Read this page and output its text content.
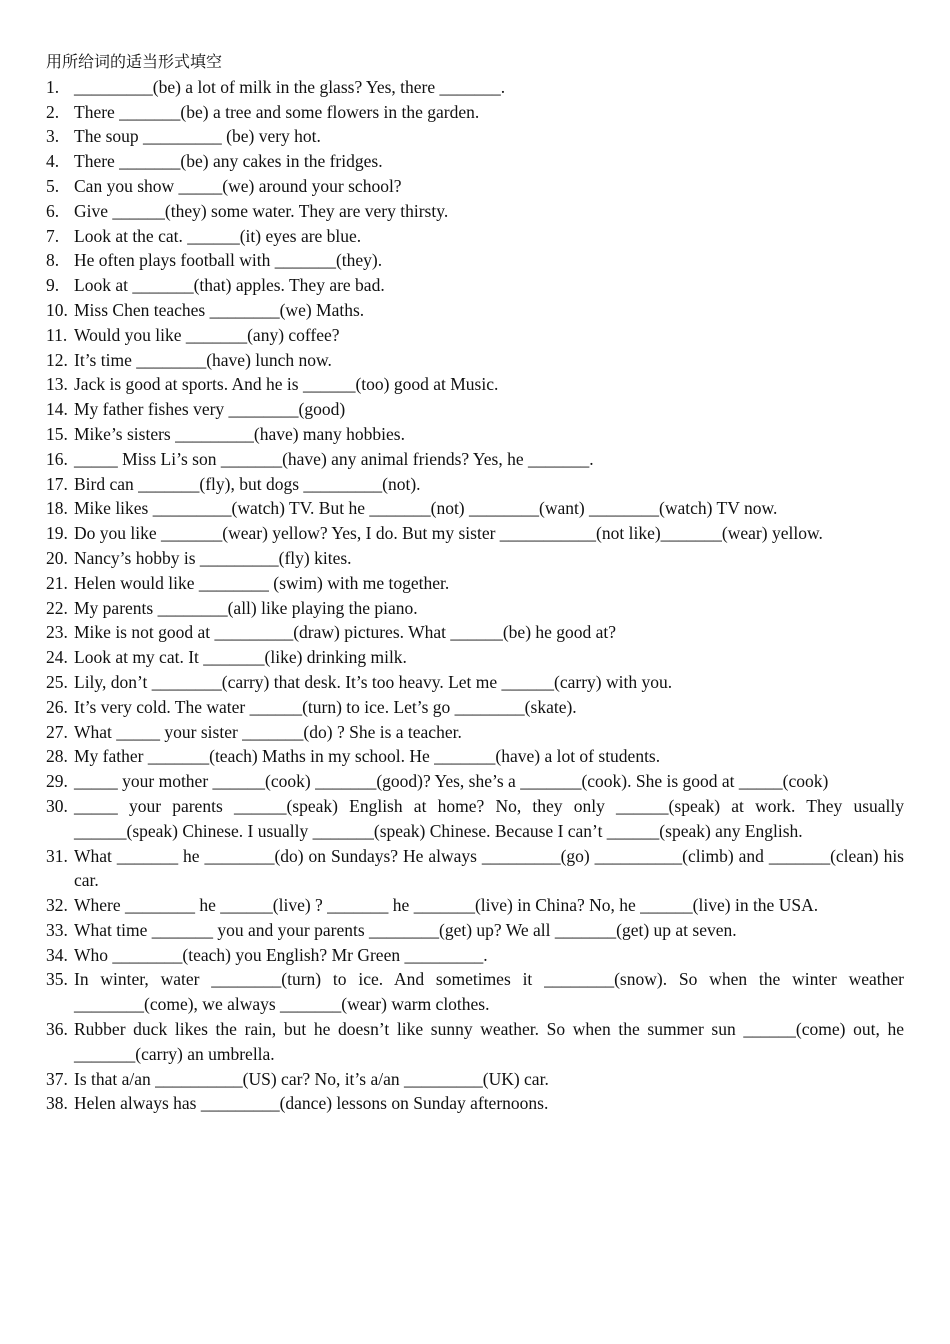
用所给词的适当形式填空
1. _________(be) a lot of milk in the glass? Yes, there _______.
2. There _______(be) a tree and some flowers in the garden.
3. The soup _________ (be) very hot.
4. There _______(be) any cakes in the fridges.
5. Can you show _____(we) around your school?
6. Give ______(they) some water. They are very thirsty.
7. Look at the cat. ______(it) eyes are blue.
8. He often plays football with _______(they).
9. Look at _______(that) apples. They are bad.
10. Miss Chen teaches ________(we) Maths.
11. Would you like _______(any) coffee?
12. It’s time ________(have) lunch now.
13. Jack is good at sports. And he is ______(too) good at Music.
14. My father fishes very ________(good)
15. Mike’s sisters _________(have) many hobbies.
16. _____ Miss Li’s son _______(have) any animal friends? Yes, he _______.
17. Bird can _______(fly), but dogs _________(not).
18. Mike likes _________(watch) TV. But he _______(not) ________(want) ________(watch) TV now.
19. Do you like _______(wear) yellow? Yes, I do. But my sister ___________(not like)_______(wear) yellow.
20. Nancy’s hobby is _________(fly) kites.
21. Helen would like ________ (swim) with me together.
22. My parents ________(all) like playing the piano.
23. Mike is not good at _________(draw) pictures. What ______(be) he good at?
24. Look at my cat. It _______(like) drinking milk.
25. Lily, don’t ________(carry) that desk. It’s too heavy. Let me ______(carry) with you.
26. It’s very cold. The water ______(turn) to ice. Let’s go ________(skate).
27. What _____ your sister _______(do) ? She is a teacher.
28. My father _______(teach) Maths in my school. He _______(have) a lot of students.
29. _____ your mother ______(cook) _______(good)? Yes, she’s a _______(cook). She is good at _____(cook)
30. _____ your parents ______(speak) English at home? No, they only ______(speak) at work. They usually ______(speak) Chinese. I usually _______(speak) Chinese. Because I can’t ______(speak) any English.
31. What _______ he ________(do) on Sundays? He always _________(go) __________(climb) and _______(clean) his car.
32. Where ________ he ______(live) ? _______ he _______(live) in China? No, he ______(live) in the USA.
33. What time _______ you and your parents ________(get) up? We all _______(get) up at seven.
34. Who ________(teach) you English? Mr Green _________.
35. In winter, water ________(turn) to ice. And sometimes it ________(snow). So when the winter weather ________(come), we always _______(wear) warm clothes.
36. Rubber duck likes the rain, but he doesn’t like sunny weather. So when the summer sun ______(come) out, he _______(carry) an umbrella.
37. Is that a/an __________(US) car? No, it’s a/an _________(UK) car.
38. Helen always has _________(dance) lessons on Sunday afternoons.
